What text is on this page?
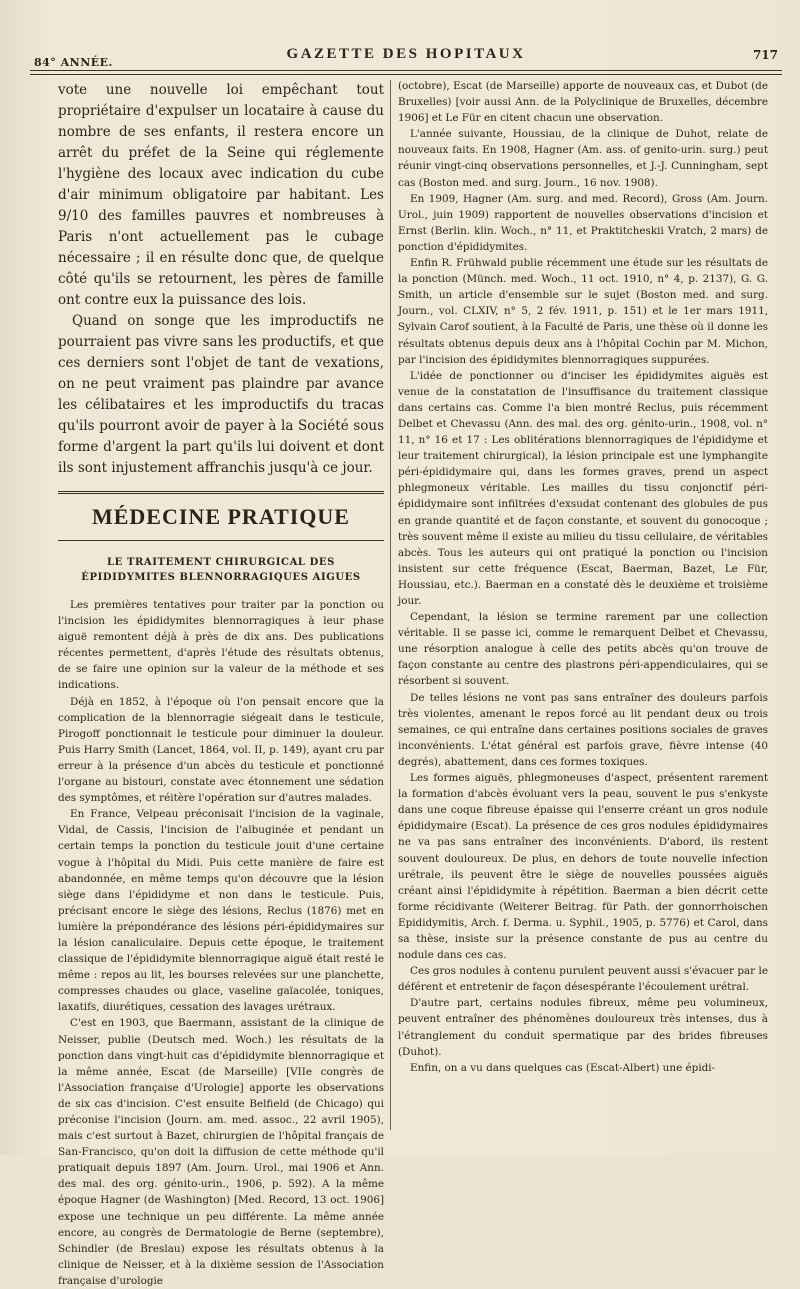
84° ANNÉE.
GAZETTE DES HOPITAUX	717

vote une nouvelle loi empêchant tout propriétaire d'expulser un locataire à cause du nombre de ses enfants, il restera encore un arrêt du préfet de la Seine qui réglemente l'hygiène des locaux avec indication du cube d'air minimum obligatoire par habitant. Les 9/10 des familles pauvres et nombreuses à Paris n'ont actuellement pas le cubage nécessaire ; il en résulte donc que, de quelque côté qu'ils se retournent, les pères de famille ont contre eux la puissance des lois.

Quand on songe que les improductifs ne pourraient pas vivre sans les productifs, et que ces derniers sont l'objet de tant de vexations, on ne peut vraiment pas plaindre par avance les célibataires et les improductifs du tracas qu'ils pourront avoir de payer à la Société sous forme d'argent la part qu'ils lui doivent et dont ils sont injustement affranchis jusqu'à ce jour.

MÉDECINE PRATIQUE
LE TRAITEMENT CHIRURGICAL DES ÉPIDIDYMITES BLENNORRAGIQUES AIGUES

Les premières tentatives pour traiter par la ponction ou l'incision les épididymites blennorragiques à leur phase aiguë remontent déjà à près de dix ans. Des publications récentes permettent, d'après l'étude des résultats obtenus, de se faire une opinion sur la valeur de la méthode et ses indications.

Déjà en 1852, à l'époque où l'on pensait encore que la complication de la blennorragie siégeait dans le testicule, Pirogoff ponctionnait le testicule pour diminuer la douleur. Puis Harry Smith (Lancet, 1864, vol. II, p. 149), ayant cru par erreur à la présence d'un abcès du testicule et ponctionné l'organe au bistouri, constate avec étonnement une sédation des symptômes, et réitère l'opération sur d'autres malades.

En France, Velpeau préconisait l'incision de la vaginale, Vidal, de Cassis, l'incision de l'albuginée et pendant un certain temps la ponction du testicule jouit d'une certaine vogue à l'hôpital du Midi. Puis cette manière de faire est abandonnée, en même temps qu'on découvre que la lésion siège dans l'épididyme et non dans le testicule. Puis, précisant encore le siège des lésions, Reclus (1876) met en lumière la prépondérance des lésions péri-épididymaires sur la lésion canaliculaire. Depuis cette époque, le traitement classique de l'épididymite blennorragique aiguë était resté le même : repos au lit, les bourses relevées sur une planchette, compresses chaudes ou glace, vaseline gaïacolée, toniques, laxatifs, diurétiques, cessation des lavages urétraux.

C'est en 1903, que Baermann, assistant de la clinique de Neisser, publie (Deutsch med. Woch.) les résultats de la ponction dans vingt-huit cas d'épididymite blennorragique et la même année, Escat (de Marseille) [VIIe congrès de l'Association française d'Urologie] apporte les observations de six cas d'incision. C'est ensuite Belfield (de Chicago) qui préconise l'incision (Journ. am. med. assoc., 22 avril 1905), mais c'est surtout à Bazet, chirurgien de l'hôpital français de San-Francisco, qu'on doit la diffusion de cette méthode qu'il pratiquait depuis 1897 (Am. Journ. Urol., mai 1906 et Ann. des mal. des org. génito-urin., 1906, p. 592). A la même époque Hagner (de Washington) [Med. Record, 13 oct. 1906] expose une technique un peu différente. La même année encore, au congrès de Dermatologie de Berne (septembre), Schindler (de Breslau) expose les résultats obtenus à la clinique de Neisser, et à la dixième session de l'Association française d'urologie

(octobre), Escat (de Marseille) apporte de nouveaux cas, et Dubot (de Bruxelles) [voir aussi Ann. de la Polyclinique de Bruxelles, décembre 1906] et Le Für en citent chacun une observation.

L'année suivante, Houssiau, de la clinique de Duhot, relate de nouveaux faits. En 1908, Hagner (Am. ass. of genito-urin. surg.) peut réunir vingt-cinq observations personnelles, et J.-J. Cunningham, sept cas (Boston med. and surg. Journ., 16 nov. 1908).

En 1909, Hagner (Am. surg. and med. Record), Gross (Am. Journ. Urol., juin 1909) rapportent de nouvelles observations d'incision et Ernst (Berlin. klin. Woch., n° 11, et Praktitcheskii Vratch, 2 mars) de ponction d'épididymites.

Enfin R. Frühwald publie récemment une étude sur les résultats de la ponction (Münch. med. Woch., 11 oct. 1910, n° 4, p. 2137), G. G. Smith, un article d'ensemble sur le sujet (Boston med. and surg. Journ., vol. CLXIV, n° 5, 2 fév. 1911, p. 151) et le 1er mars 1911, Sylvain Carof soutient, à la Faculté de Paris, une thèse où il donne les résultats obtenus depuis deux ans à l'hôpital Cochin par M. Michon, par l'incision des épididymites blennorragiques suppurées.

L'idée de ponctionner ou d'inciser les épididymites aiguës est venue de la constatation de l'insuffisance du traitement classique dans certains cas. Comme l'a bien montré Reclus, puis récemment Delbet et Chevassu (Ann. des mal. des org. génito-urin., 1908, vol. n° 11, n° 16 et 17 : Les oblitérations blennorragiques de l'épididyme et leur traitement chirurgical), la lésion principale est une lymphangite péri-épididymaire qui, dans les formes graves, prend un aspect phlegmoneux véritable. Les mailles du tissu conjonctif péri-épididymaire sont infiltrées d'exsudat contenant des globules de pus en grande quantité et de façon constante, et souvent du gonocoque ; très souvent même il existe au milieu du tissu cellulaire, de véritables abcès. Tous les auteurs qui ont pratiqué la ponction ou l'incision insistent sur cette fréquence (Escat, Baerman, Bazet, Le Für, Houssiau, etc.). Baerman en a constaté dès le deuxième et troisième jour.

Cependant, la lésion se termine rarement par une collection véritable. Il se passe ici, comme le remarquent Delbet et Chevassu, une résorption analogue à celle des petits abcès qu'on trouve de façon constante au centre des plastrons péri-appendiculaires, qui se résorbent si souvent.

De telles lésions ne vont pas sans entraîner des douleurs parfois très violentes, amenant le repos forcé au lit pendant deux ou trois semaines, ce qui entraîne dans certaines positions sociales de graves inconvénients. L'état général est parfois grave, fièvre intense (40 degrés), abattement, dans ces formes toxiques.

Les formes aiguës, phlegmoneuses d'aspect, présentent rarement la formation d'abcès évoluant vers la peau, souvent le pus s'enkyste dans une coque fibreuse épaisse qui l'enserre créant un gros nodule épididymaire (Escat). La présence de ces gros nodules épididymaires ne va pas sans entraîner des inconvénients. D'abord, ils restent souvent douloureux. De plus, en dehors de toute nouvelle infection urétrale, ils peuvent être le siège de nouvelles poussées aiguës créant ainsi l'épididymite à répétition. Baerman a bien décrit cette forme récidivante (Weiterer Beitrag. für Path. der gonnorrhoischen Epididymitis, Arch. f. Derma. u. Syphil., 1905, p. 5776) et Carol, dans sa thèse, insiste sur la présence constante de pus au centre du nodule dans ces cas.

Ces gros nodules à contenu purulent peuvent aussi s'évacuer par le déférent et entretenir de façon désespérante l'écoulement urétral.

D'autre part, certains nodules fibreux, même peu volumineux, peuvent entraîner des phénomènes douloureux très intenses, dus à l'étranglement du conduit spermatique par des brides fibreuses (Duhot).

Enfin, on a vu dans quelques cas (Escat-Albert) une épidi-
